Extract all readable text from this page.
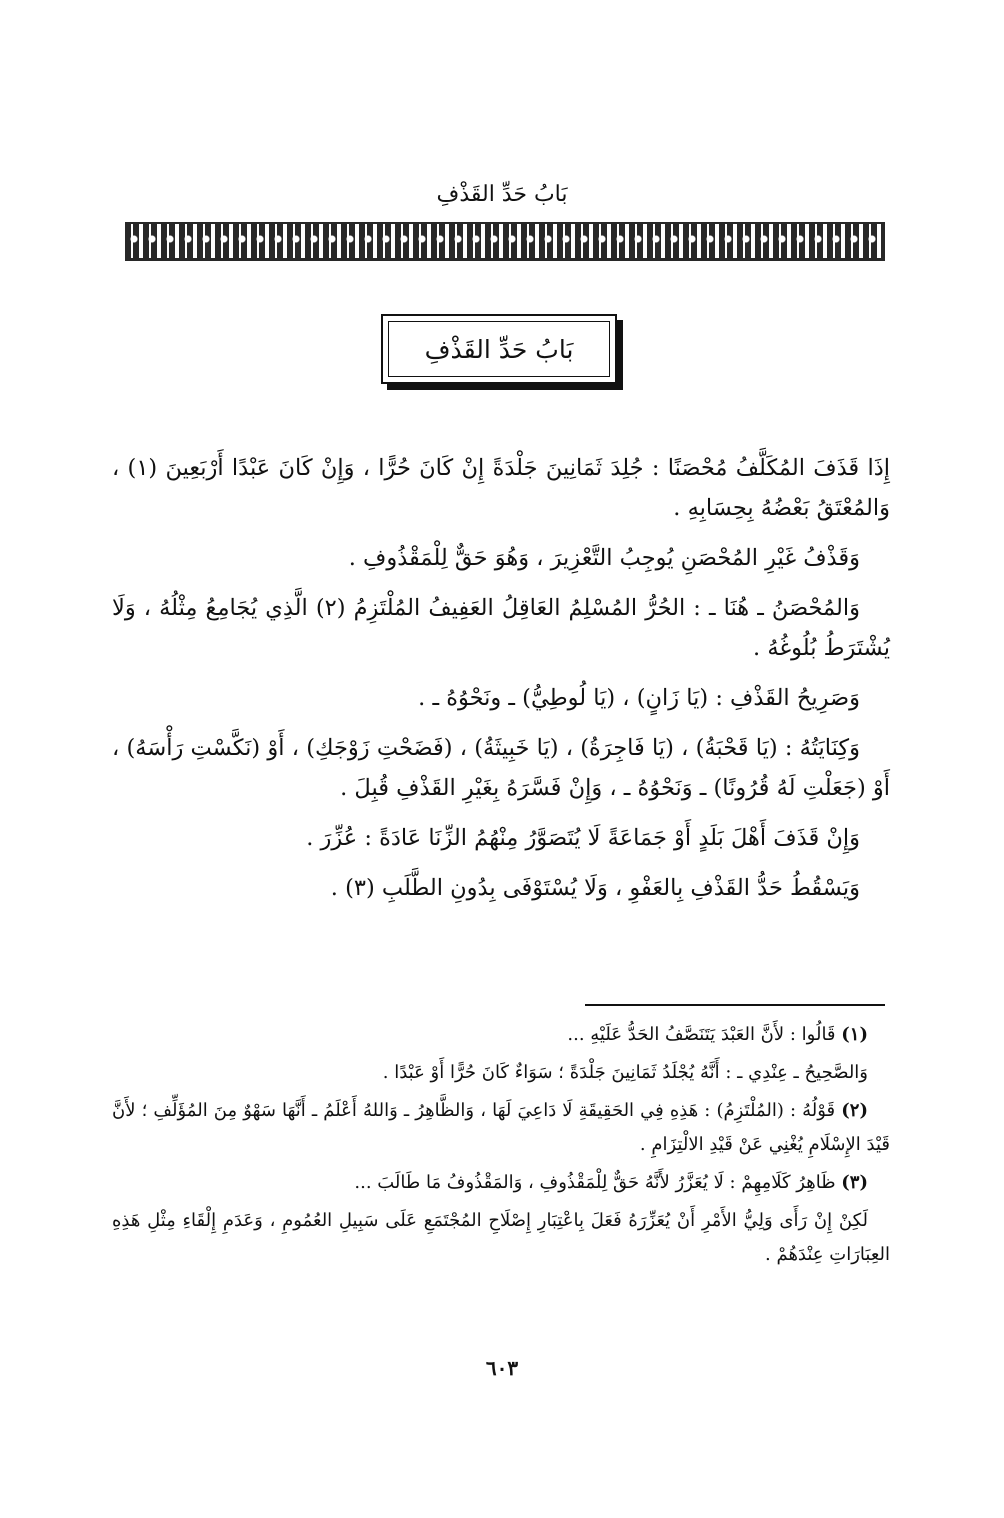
بَابُ حَدِّ القَذْفِ
بَابُ حَدِّ القَذْفِ

إِذَا قَذَفَ المُكَلَّفُ مُحْصَنًا : جُلِدَ ثَمَانِينَ جَلْدَةً إِنْ كَانَ حُرًّا ، وَإِنْ كَانَ عَبْدًا أَرْبَعِينَ (١) ، وَالمُعْتَقُ بَعْضُهُ بِحِسَابِهِ .

وَقَذْفُ غَيْرِ المُحْصَنِ يُوجِبُ التَّعْزِيرَ ، وَهُوَ حَقٌّ لِلْمَقْذُوفِ .

وَالمُحْصَنُ ـ هُنَا ـ : الحُرُّ المُسْلِمُ العَاقِلُ العَفِيفُ المُلْتَزِمُ (٢) الَّذِي يُجَامِعُ مِثْلُهُ ، وَلَا يُشْتَرَطُ بُلُوغُهُ .

وَصَرِيحُ القَذْفِ : (يَا زَانٍ) ، (يَا لُوطِيُّ) ـ ونَحْوُهُ ـ .

وَكِنَايَتُهُ : (يَا قَحْبَةُ) ، (يَا فَاجِرَةُ) ، (يَا خَبِيثَةُ) ، (فَضَحْتِ زَوْجَكِ) ، أَوْ (نَكَّسْتِ رَأْسَهُ) ، أَوْ (جَعَلْتِ لَهُ قُرُونًا) ـ وَنَحْوُهُ ـ ، وَإِنْ فَسَّرَهُ بِغَيْرِ القَذْفِ قُبِلَ .

وَإِنْ قَذَفَ أَهْلَ بَلَدٍ أَوْ جَمَاعَةً لَا يُتَصَوَّرُ مِنْهُمُ الزِّنَا عَادَةً : عُزِّرَ .

وَيَسْقُطُ حَدُّ القَذْفِ بِالعَفْوِ ، وَلَا يُسْتَوْفَى بِدُونِ الطَّلَبِ (٣) .

(١) قَالُوا : لأَنَّ العَبْدَ يَتَنَصَّفُ الحَدُّ عَلَيْهِ ...

وَالصَّحِيحُ ـ عِنْدِي ـ : أَنَّهُ يُجْلَدُ ثَمَانِينَ جَلْدَةً ؛ سَوَاءٌ كَانَ حُرًّا أَوْ عَبْدًا .

(٢) قَوْلُهُ : (المُلْتَزِمُ) : هَذِهِ فِي الحَقِيقَةِ لَا دَاعِيَ لَهَا ، وَالظَّاهِرُ ـ وَاللهُ أَعْلَمُ ـ أَنَّهَا سَهْوٌ مِنَ المُؤَلِّفِ ؛ لأَنَّ قَيْدَ الإِسْلَامِ يُغْنِي عَنْ قَيْدِ الالْتِزَامِ .

(٣) ظَاهِرُ كَلَامِهِمْ : لَا يُعَزَّرُ لأَنَّهُ حَقٌّ لِلْمَقْذُوفِ ، وَالمَقْذُوفُ مَا طَالَبَ ...

لَكِنْ إِنْ رَأَى وَلِيُّ الأَمْرِ أَنْ يُعَزِّرَهُ فَعَلَ بِاعْتِبَارِ إِصْلَاحِ المُجْتَمَعِ عَلَى سَبِيلِ العُمُومِ ، وَعَدَمِ إِلْقَاءِ مِثْلِ هَذِهِ العِبَارَاتِ عِنْدَهُمْ .

٦٠٣
